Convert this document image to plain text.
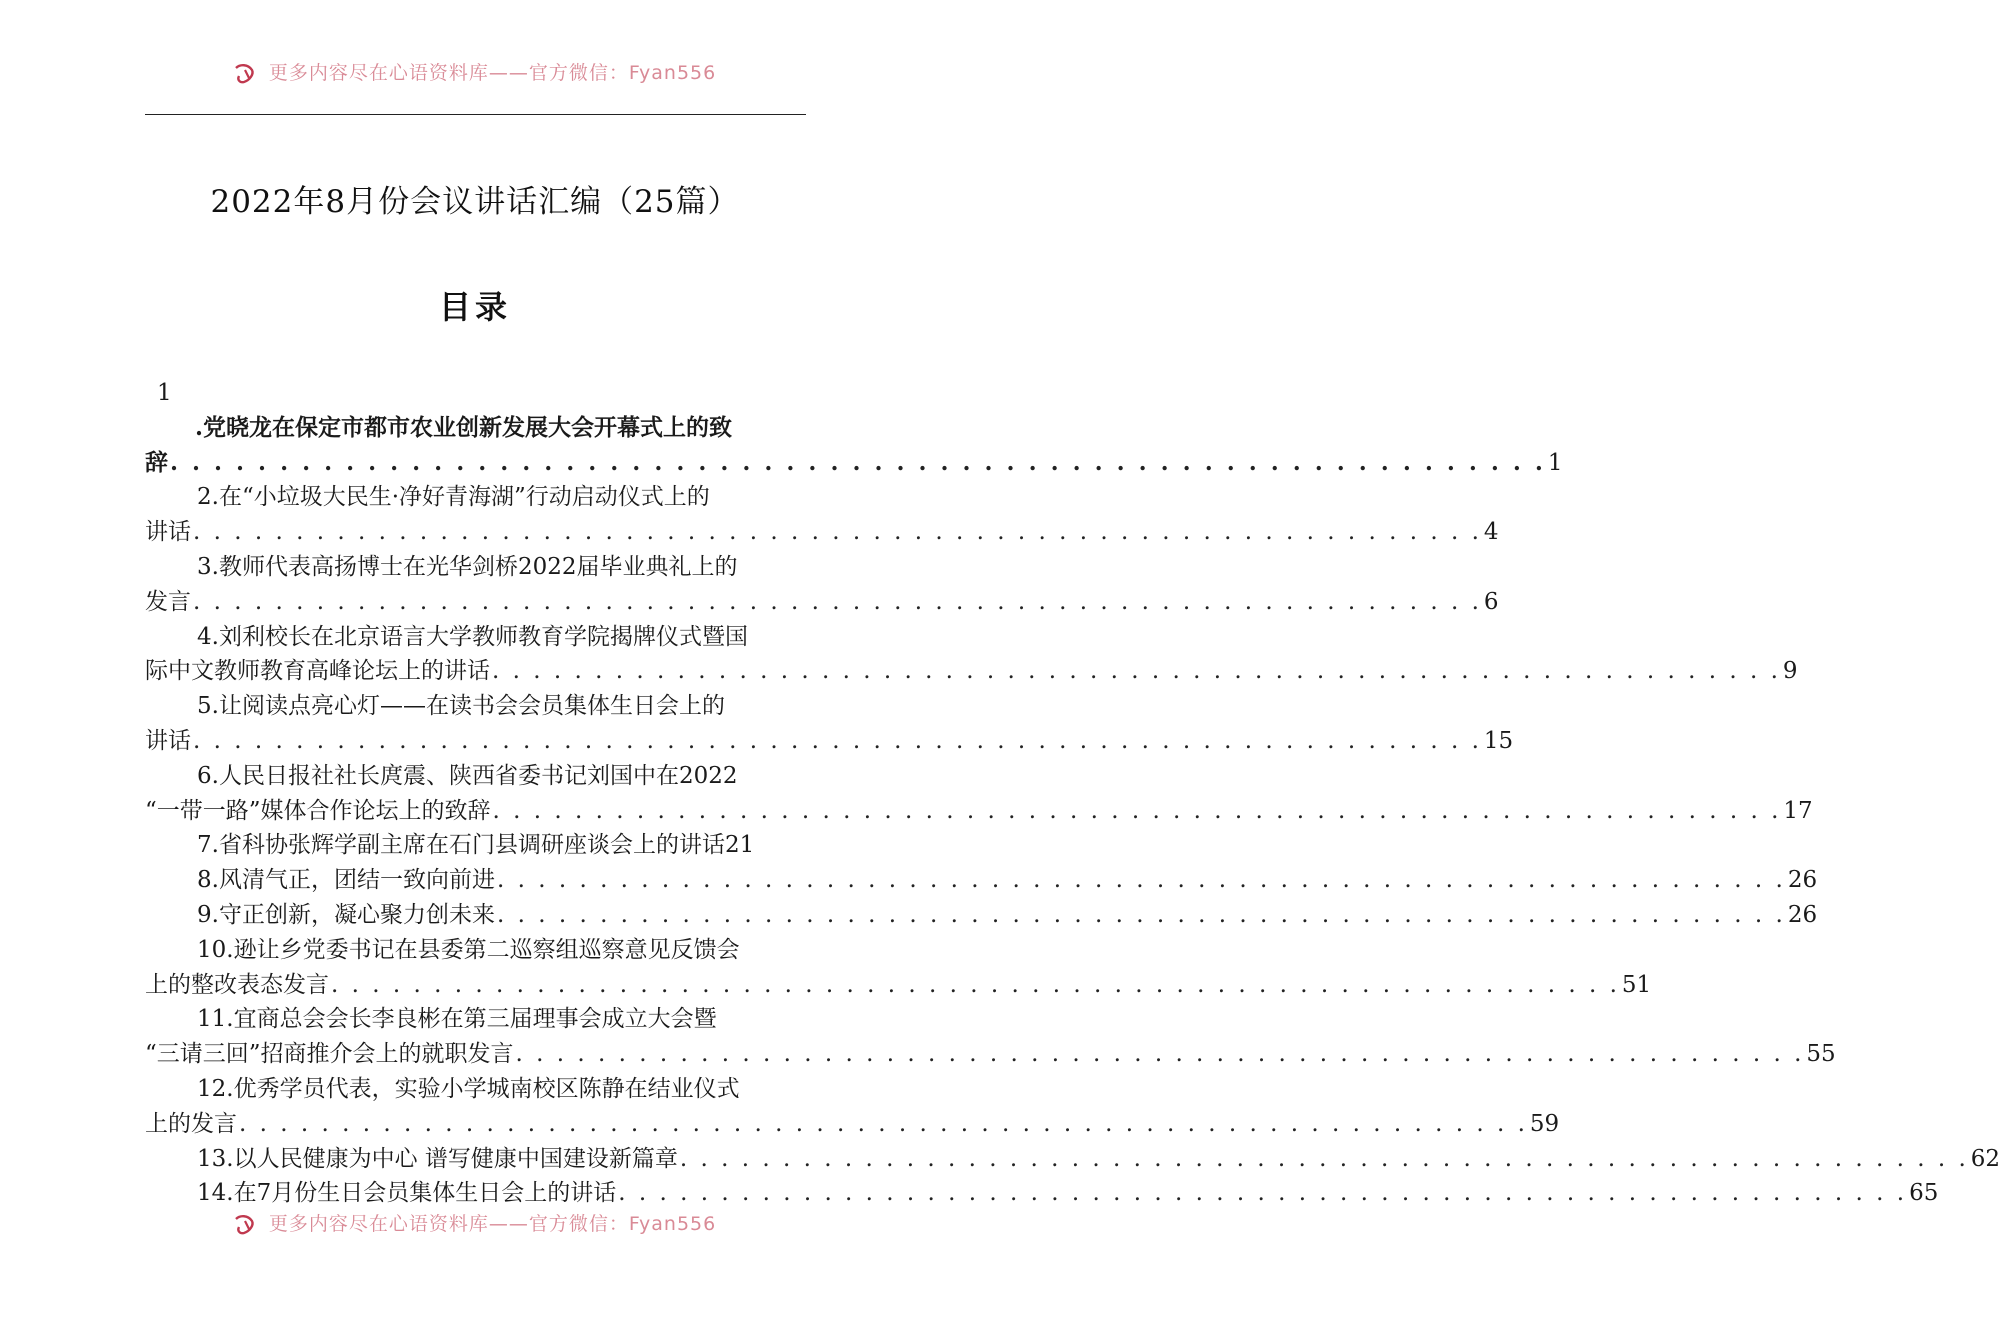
更多内容尽在心语资料库——官方微信：Fyan556
2022年8月份会议讲话汇编（25篇）
目录
1
.党晓龙在保定市都市农业创新发展大会开幕式上的致
辞 . . . . . . . . . . . . . . . . . . . . . . . . . . . . . . . . . . . . . . . . . . . . . . . . . . . . . . . . . . . . . . . 1
2.在“小垃圾大民生·净好青海湖”行动启动仪式上的
讲话 . . . . . . . . . . . . . . . . . . . . . . . . . . . . . . . . . . . . . . . . . . . . . . . . . . . . . . . . . . . . . . . 4
3.教师代表高扬博士在光华剑桥2022届毕业典礼上的
发言 . . . . . . . . . . . . . . . . . . . . . . . . . . . . . . . . . . . . . . . . . . . . . . . . . . . . . . . . . . . . . . . 6
4.刘利校长在北京语言大学教师教育学院揭牌仪式暨国
际中文教师教育高峰论坛上的讲话 . . . . . . . . . . . . . . . . . . . . . . . . . . . . . . . . . . . . . . . . . . . . . . . . . . . . . . . . . . . . . . . 9
5.让阅读点亮心灯——在读书会会员集体生日会上的
讲话 . . . . . . . . . . . . . . . . . . . . . . . . . . . . . . . . . . . . . . . . . . . . . . . . . . . . . . . . . . . . . . . 15
6.人民日报社社长庹震、陕西省委书记刘国中在2022
“一带一路”媒体合作论坛上的致辞 . . . . . . . . . . . . . . . . . . . . . . . . . . . . . . . . . . . . . . . . . . . . . . . . . . . . . . . . . . . . . . . 17
7.省科协张辉学副主席在石门县调研座谈会上的讲话 21
8.风清气正，团结一致向前进 . . . . . . . . . . . . . . . . . . . . . . . . . . . . . . . . . . . . . . . . . . . . . . . . . . . . . . . . . . . . . . . 26
9.守正创新，凝心聚力创未来 . . . . . . . . . . . . . . . . . . . . . . . . . . . . . . . . . . . . . . . . . . . . . . . . . . . . . . . . . . . . . . . 26
10.逊让乡党委书记在县委第二巡察组巡察意见反馈会
上的整改表态发言 . . . . . . . . . . . . . . . . . . . . . . . . . . . . . . . . . . . . . . . . . . . . . . . . . . . . . . . . . . . . . . . 51
11.宜商总会会长李良彬在第三届理事会成立大会暨
“三请三回”招商推介会上的就职发言 . . . . . . . . . . . . . . . . . . . . . . . . . . . . . . . . . . . . . . . . . . . . . . . . . . . . . . . . . . . . . . . 55
12.优秀学员代表，实验小学城南校区陈静在结业仪式
上的发言 . . . . . . . . . . . . . . . . . . . . . . . . . . . . . . . . . . . . . . . . . . . . . . . . . . . . . . . . . . . . . . . 59
13.以人民健康为中心 谱写健康中国建设新篇章 . . . . . . . . . . . . . . . . . . . . . . . . . . . . . . . . . . . . . . . . . . . . . . . . . . . . . . . . . . . . . . . 62
14.在7月份生日会员集体生日会上的讲话 . . . . . . . . . . . . . . . . . . . . . . . . . . . . . . . . . . . . . . . . . . . . . . . . . . . . . . . . . . . . . . . 65
更多内容尽在心语资料库——官方微信：Fyan556
